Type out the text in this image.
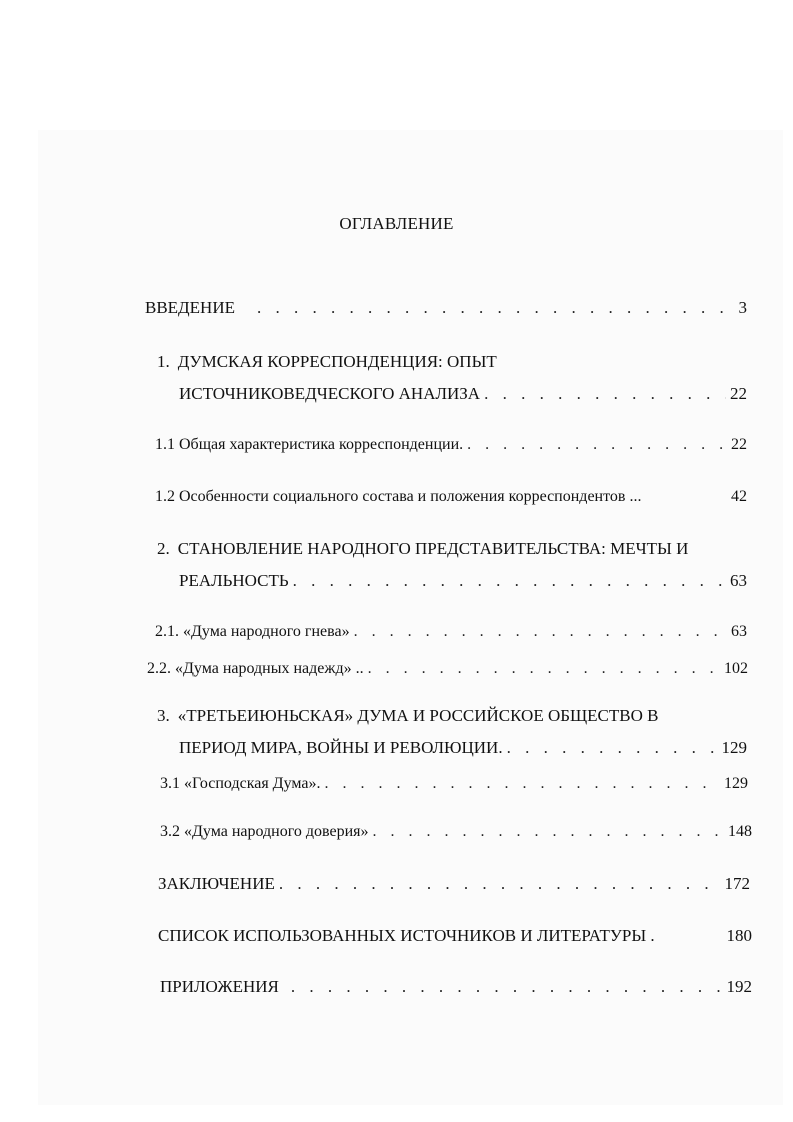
ОГЛАВЛЕНИЕ
ВВЕДЕНИЕ . . .	3
1. ДУМСКАЯ КОРРЕСПОНДЕНЦИЯ: ОПЫТ
ИСТОЧНИКОВЕДЧЕСКОГО АНАЛИЗА . . .	22
1.1 Общая характеристика корреспонденции. . . .	22
1.2 Особенности социального состава и положения корреспондентов ...	42
2. СТАНОВЛЕНИЕ НАРОДНОГО ПРЕДСТАВИТЕЛЬСТВА: МЕЧТЫ И
РЕАЛЬНОСТЬ . . .	63
2.1. «Дума народного гнева» . . .	63
2.2. «Дума народных надежд» .. . . .	102
3. «ТРЕТЬЕИЮНЬСКАЯ» ДУМА И РОССИЙСКОЕ ОБЩЕСТВО В
ПЕРИОД МИРА, ВОЙНЫ И РЕВОЛЮЦИИ. . . .	129
3.1 «Господская Дума». . . .	129
3.2 «Дума народного доверия» . . .	148
ЗАКЛЮЧЕНИЕ . . .	172
СПИСОК ИСПОЛЬЗОВАННЫХ ИСТОЧНИКОВ И ЛИТЕРАТУРЫ .	180
ПРИЛОЖЕНИЯ . . .	192
